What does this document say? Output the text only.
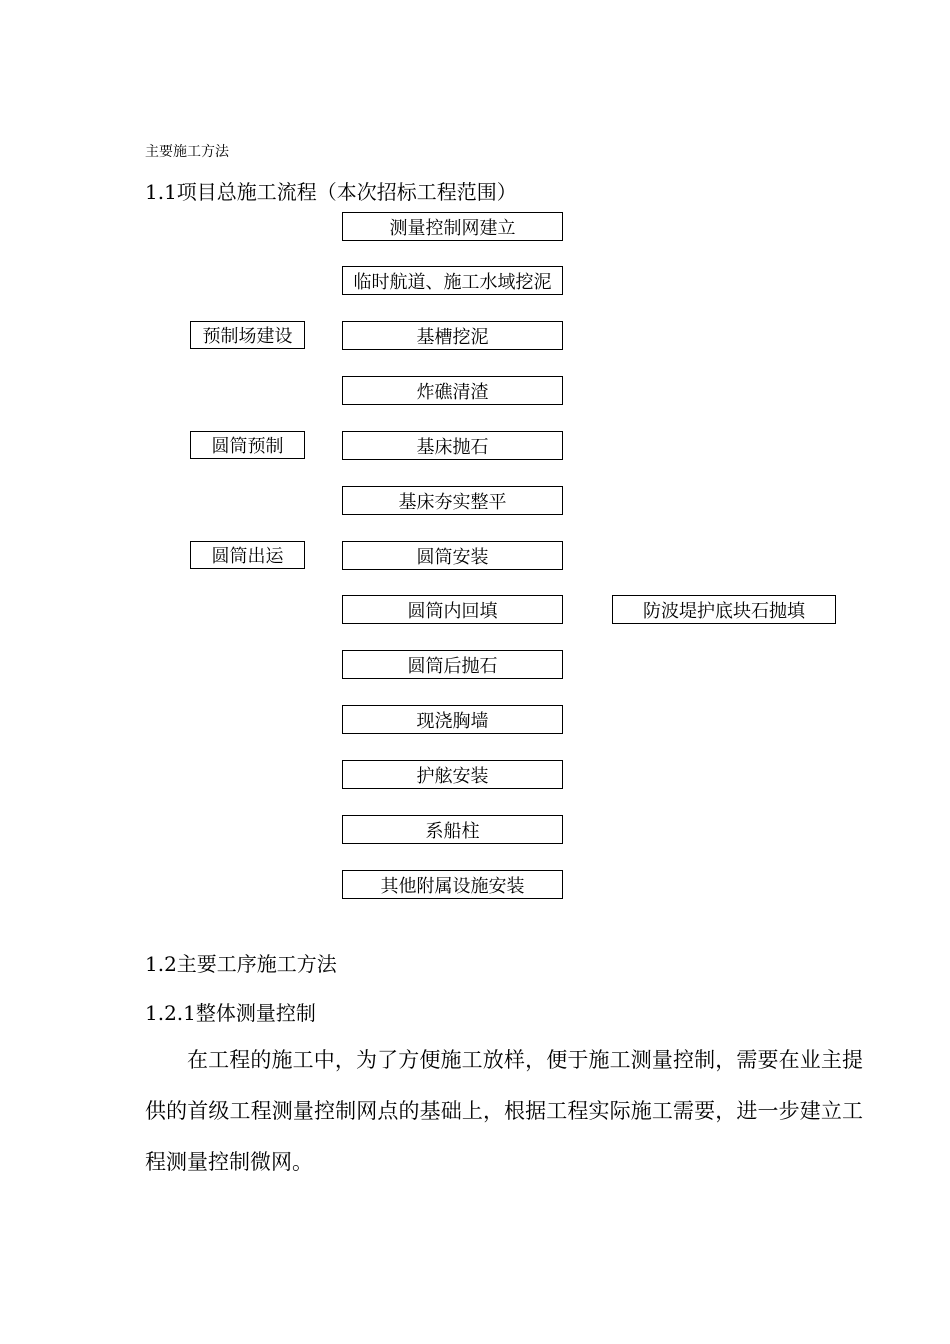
主要施工方法
1.1项目总施工流程（本次招标工程范围）
测量控制网建立
临时航道、施工水域挖泥
基槽挖泥
炸礁清渣
基床抛石
基床夯实整平
圆筒安装
圆筒内回填
圆筒后抛石
现浇胸墙
护舷安装
系船柱
其他附属设施安装
预制场建设
圆筒预制
圆筒出运
防波堤护底块石抛填
1.2主要工序施工方法
1.2.1整体测量控制
在工程的施工中，为了方便施工放样，便于施工测量控制，需要在业主提供的首级工程测量控制网点的基础上，根据工程实际施工需要，进一步建立工程测量控制微网。
